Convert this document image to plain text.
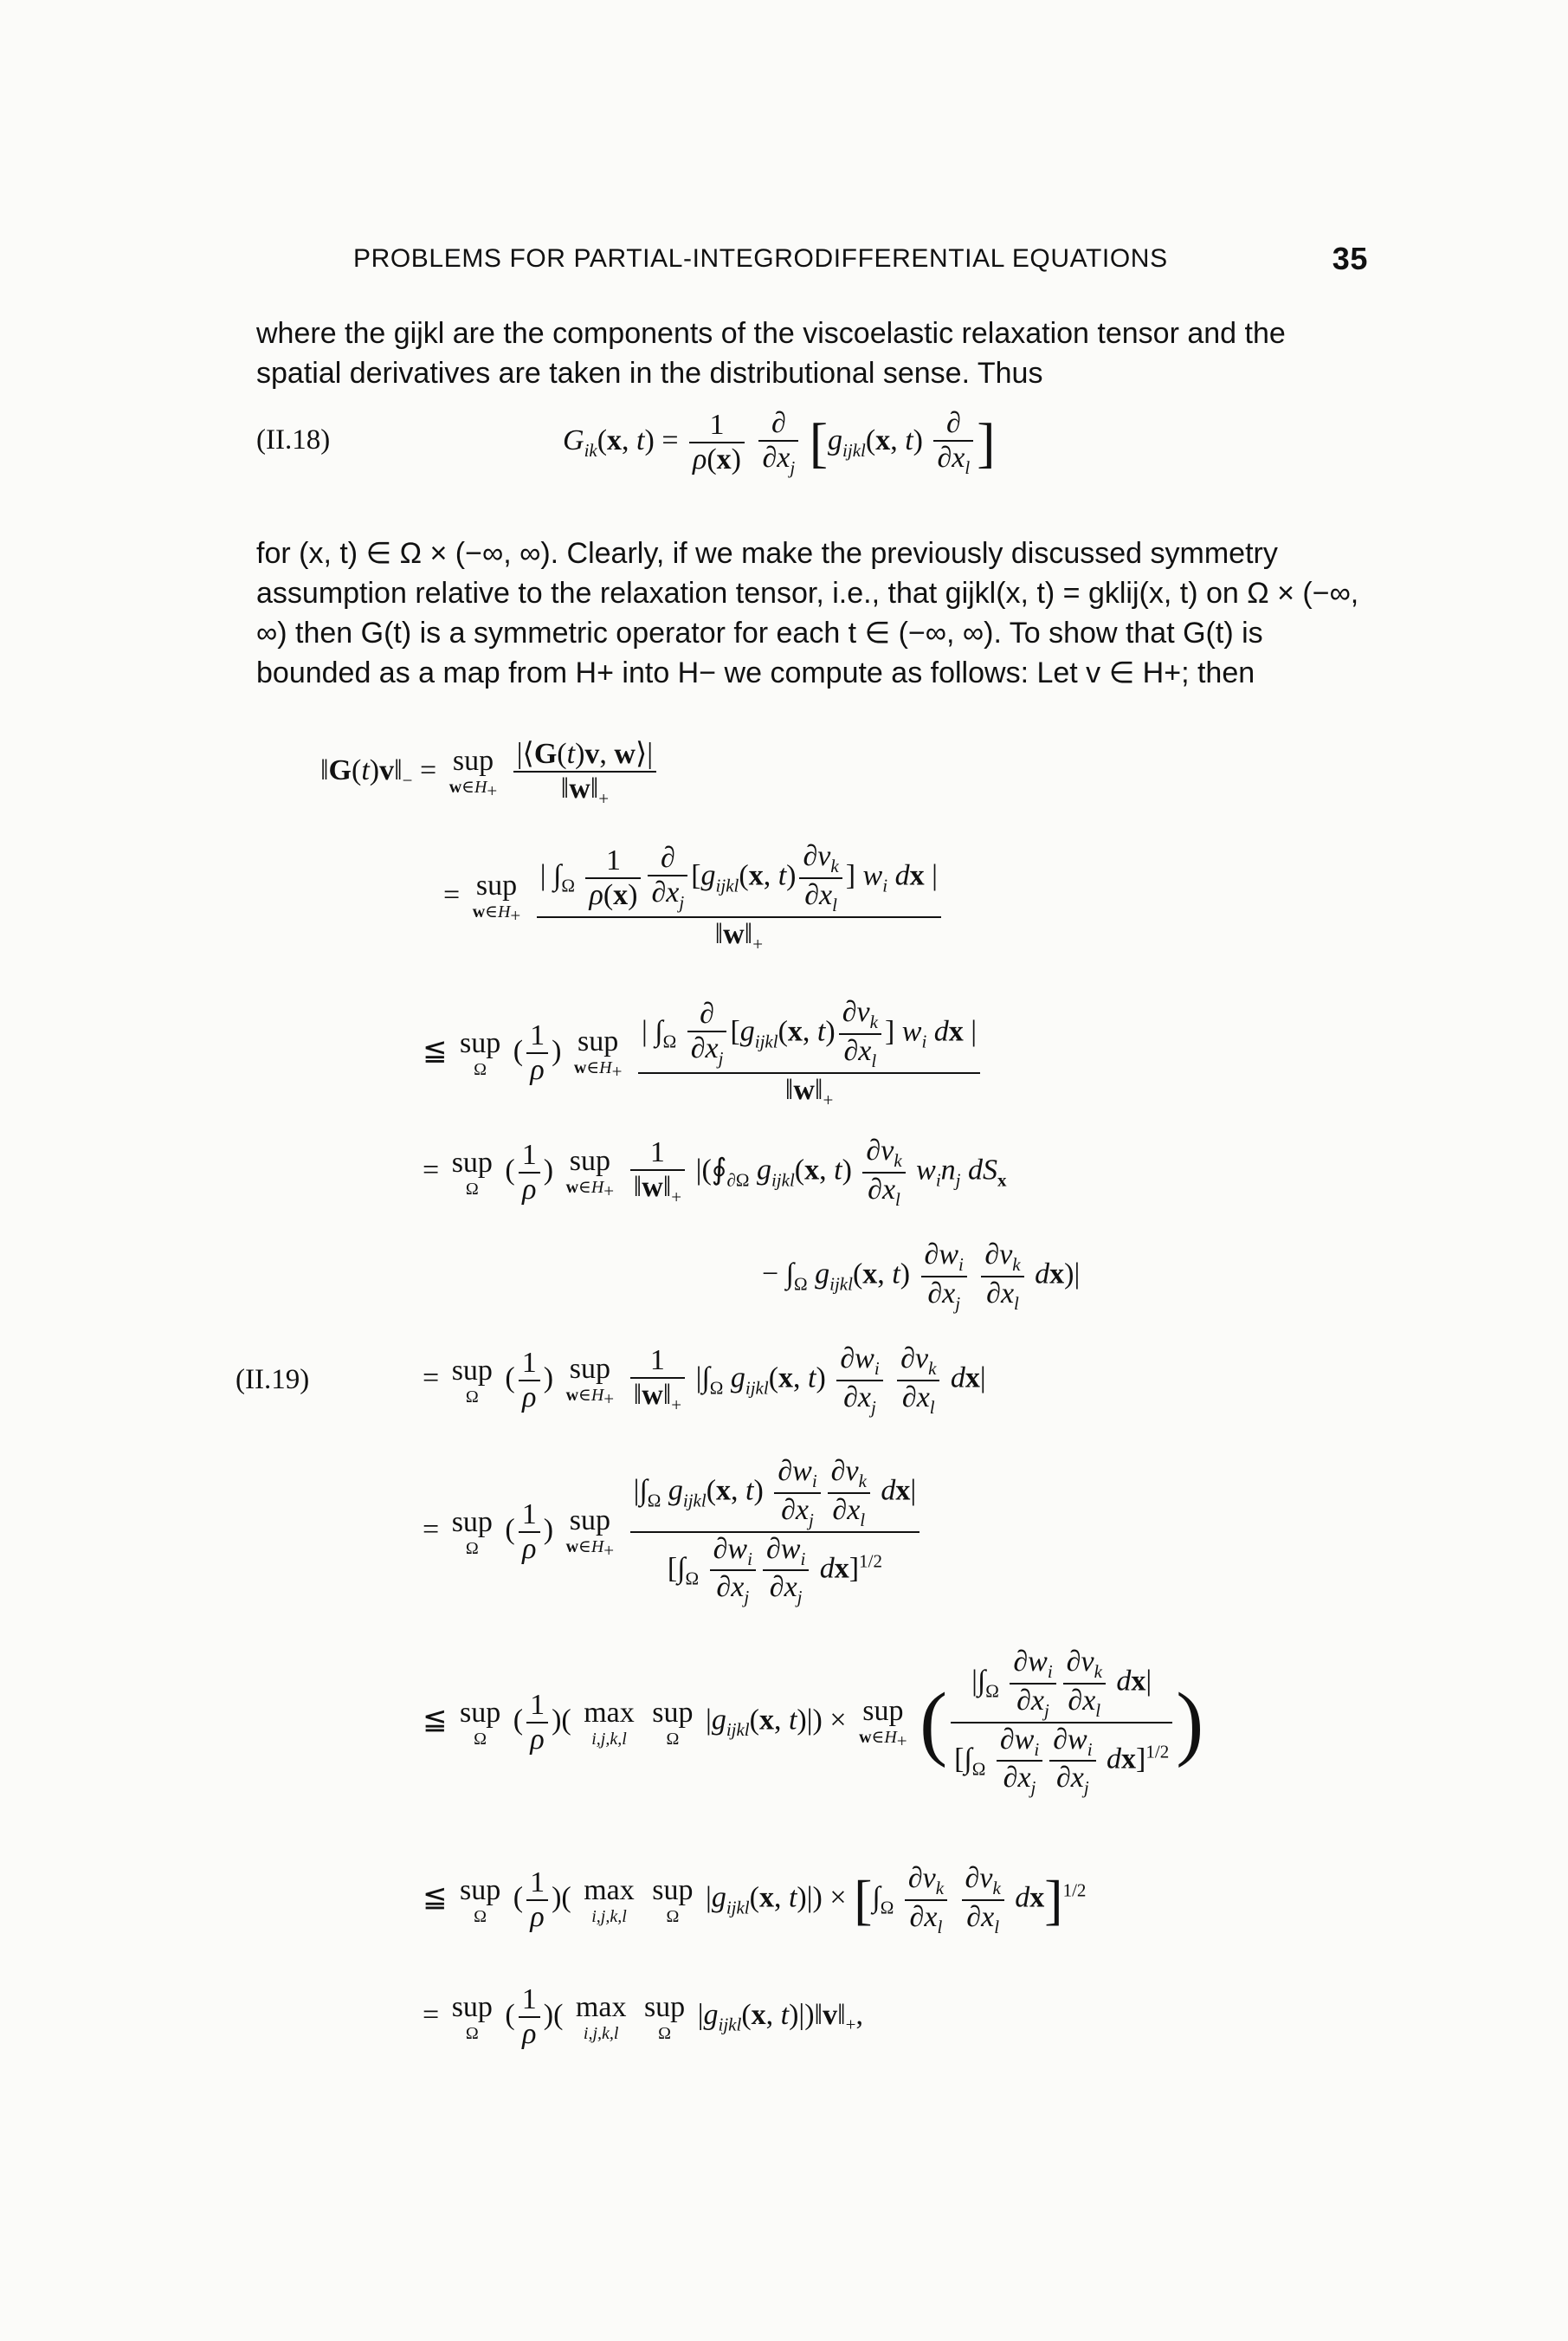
PROBLEMS FOR PARTIAL-INTEGRODIFFERENTIAL EQUATIONS	35
where the gijkl are the components of the viscoelastic relaxation tensor and the spatial derivatives are taken in the distributional sense. Thus
(II.18)	$G_{ik}(x$, $t) = \frac{1}{\rho(x)}$
$\frac{\partial}{\partial x_j} [g_{ijkl}(x$, $t) \frac{\partial}{\partial x_l}$ ]
for (x, t) ∈ Ω × (−∞, ∞). Clearly, if we make the previously discussed symmetry assumption relative to the relaxation tensor, i.e., that gijkl(x, t) = gklij(x, t) on Ω × (−∞, ∞) then G(t) is a symmetric operator for each t ∈ (−∞, ∞). To show that G(t) is bounded as a map from H+ into H− we compute as follows: Let v ∈ H+; then
$‖G(t)v‖_-$ = sup
$w\in H_+$
$\frac{|⟨G(t)v, w⟩|}{‖w‖_+}$
= sup
$w\in H_+$
$\frac{| \int_\Omega \frac{1}{\rho(x)} \frac{\partial}{\partial x_j} [g_{ijkl}(x, t) \frac{\partial v_k}{\partial x_l} ] w_i dx |}{‖w‖_+}$
≦ sup
Ω
( $\frac{1}{\rho}$ ) sup
$w\in H_+$
$\frac{| \int_\Omega \frac{\partial}{\partial x_j} [g_{ijkl}(x, t) \frac{\partial v_k}{\partial x_l} ] w_i dx |}{‖w‖_+}$
= sup
Ω
( $\frac{1}{\rho}$ ) sup
$w\in H_+$
$\frac{1}{‖w‖_+}$ $|(∮_{\partial\Omega}$ $g_{ijkl}(x$, $t) \frac{\partial v_k}{\partial x_l} w_in_j$ $dS_x$
− $\int_\Omega$ $g_{ijkl}(x$, $t) \frac{\partial w_i}{\partial x_j}$
$\frac{\partial v_k}{\partial x_l} dx)|$
(II.19)	= sup
Ω
( $\frac{1}{\rho}$ ) sup
$w\in H_+$
$\frac{1}{‖w‖_+} |\int_\Omega$ $g_{ijkl}(x$, $t) \frac{\partial w_i}{\partial x_j}$
$\frac{\partial v_k}{\partial x_l} dx|$
= sup
Ω
( $\frac{1}{\rho}$ ) sup
$w\in H_+$
$\frac{|\int_\Omega g_{ijkl}(x, t) \frac{\partial w_i}{\partial x_j} \frac{\partial v_k}{\partial x_l} dx|}{[\int_\Omega \frac{\partial w_i}{\partial x_j} \frac{\partial w_i}{\partial x_j} dx]^{1/2}}$
≦ sup
Ω
( $\frac{1}{\rho}$ )( max
i,j,k,l

sup
Ω
$|g_{ijkl}(x$, t)|) × sup
$w\in H_+$ ( $\frac{|\int_\Omega \frac{\partial w_i}{\partial x_j} \frac{\partial v_k}{\partial x_l} dx|}{[\int_\Omega \frac{\partial w_i}{\partial x_j} \frac{\partial w_i}{\partial x_j} dx]^{1/2}}$ )
≦ sup
Ω
( $\frac{1}{\rho}$ )( max
i,j,k,l

sup
Ω
$|g_{ijkl}(x$, $t)|) \times [\int_\Omega \frac{\partial v_k}{\partial x_l}$
$\frac{\partial v_k}{\partial x_l} dx]^{1/2}$
= sup
Ω
( $\frac{1}{\rho}$ )( max
i,j,k,l

sup
Ω
$|g_{ijkl}(x$, $t)|)‖v‖_+$,
